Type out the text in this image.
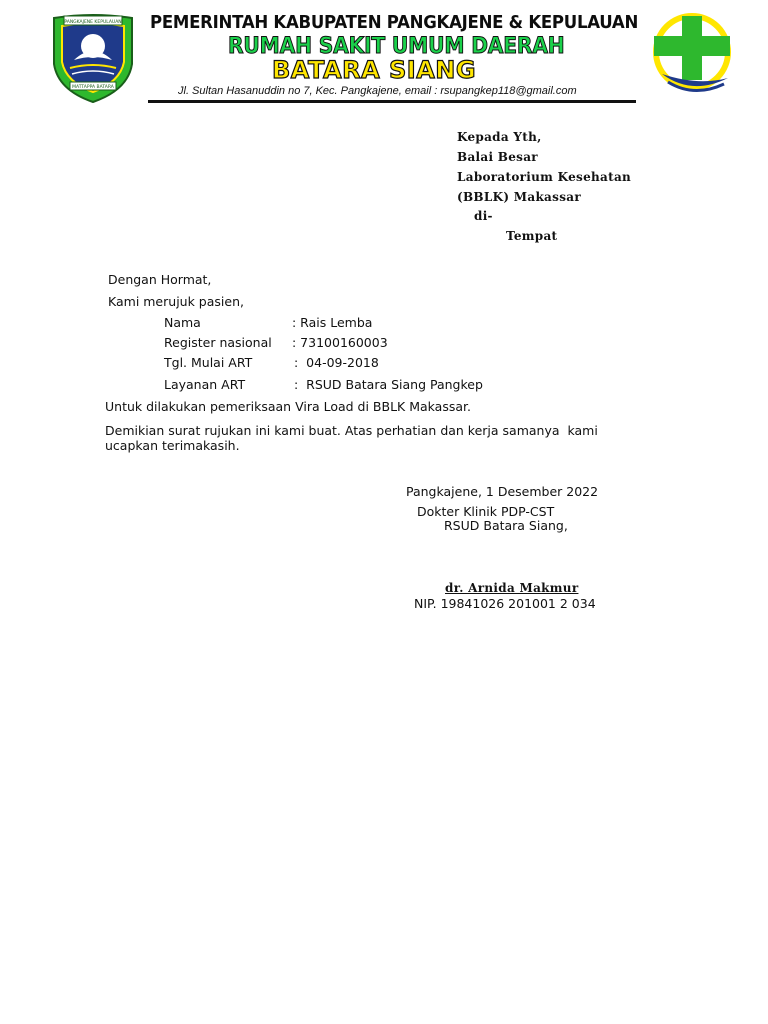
PANGKAJENE KEPULAUAN
MATTAPPA BATARA
PEMERINTAH KABUPATEN PANGKAJENE & KEPULAUAN
RUMAH SAKIT UMUM DAERAH
BATARA SIANG
Jl. Sultan Hasanuddin no 7, Kec. Pangkajene, email : rsupangkep118@gmail.com
Kepada Yth,
Balai Besar
Laboratorium Kesehatan
(BBLK) Makassar
di-
Tempat
Dengan Hormat,
Kami merujuk pasien,
Nama	: Rais Lemba
Register nasional : 73100160003
Tgl. Mulai ART	:  04-09-2018
Layanan ART	:  RSUD Batara Siang Pangkep
Untuk dilakukan pemeriksaan Vira Load di BBLK Makassar.
Demikian surat rujukan ini kami buat. Atas perhatian dan kerja samanya  kami
ucapkan terimakasih.
Pangkajene, 1 Desember 2022
Dokter Klinik PDP-CST
RSUD Batara Siang,
dr. Arnida Makmur
NIP. 19841026 201001 2 034
